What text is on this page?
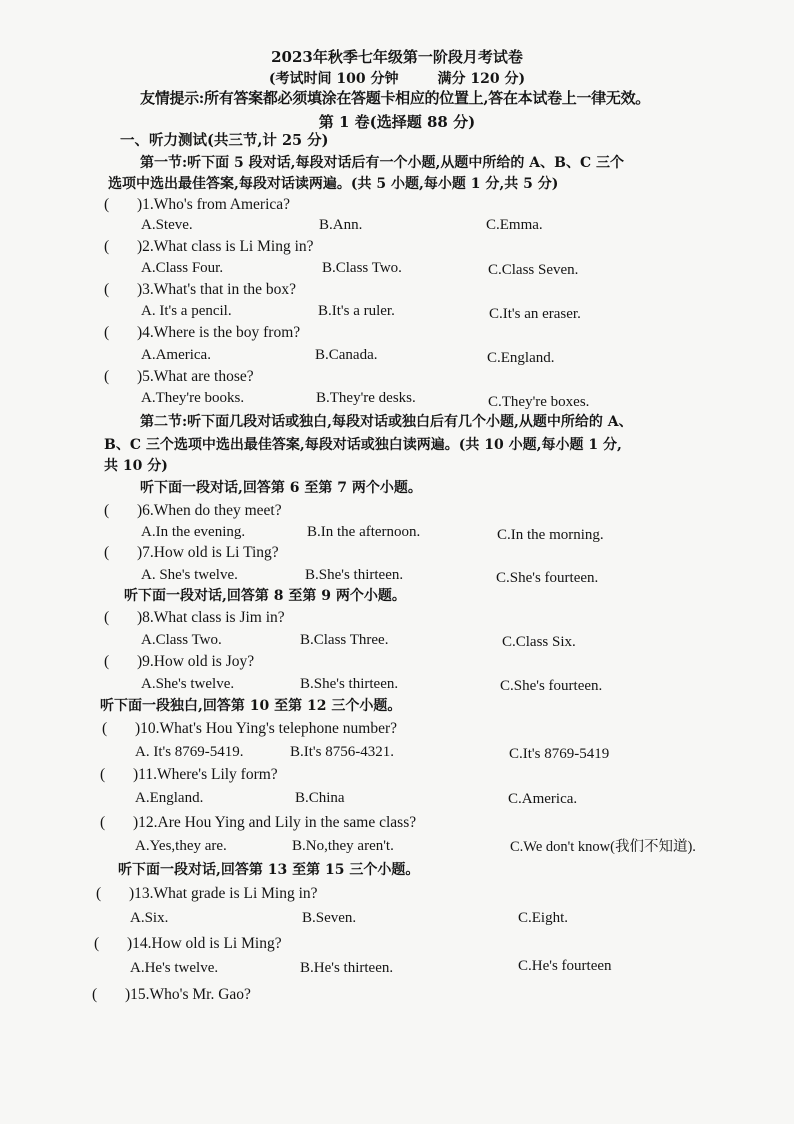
2023年秋季七年级第一阶段月考试卷
(考试时间 100 分钟	满分 120 分)
友情提示:所有答案都必须填涂在答题卡相应的位置上,答在本试卷上一律无效。
第 1 卷(选择题 88 分)
一、听力测试(共三节,计 25 分)
第一节:听下面 5 段对话,每段对话后有一个小题,从题中所给的 A、B、C 三个
选项中选出最佳答案,每段对话读两遍。(共 5 小题,每小题 1 分,共 5 分)
( )1.Who's from America?
A.Steve.	B.Ann.	C.Emma.
( )2.What class is Li Ming in?
A.Class Four.	B.Class Two.	C.Class Seven.
( )3.What's that in the box?
A. It's a pencil.	B.It's a ruler.	C.It's an eraser.
( )4.Where is the boy from?
A.America.	B.Canada.	C.England.
( )5.What are those?
A.They're books.	B.They're desks.	C.They're boxes.
第二节:听下面几段对话或独白,每段对话或独白后有几个小题,从题中所给的 A、
B、C 三个选项中选出最佳答案,每段对话或独白读两遍。(共 10 小题,每小题 1 分,
共 10 分)
听下面一段对话,回答第 6 至第 7 两个小题。
( )6.When do they meet?
A.In the evening.	B.In the afternoon.	C.In the morning.
( )7.How old is Li Ting?
A. She's twelve.	B.She's thirteen.	C.She's fourteen.
听下面一段对话,回答第 8 至第 9 两个小题。
( )8.What class is Jim in?
A.Class Two.	B.Class Three.	C.Class Six.
( )9.How old is Joy?
A.She's twelve.	B.She's thirteen.	C.She's fourteen.
听下面一段独白,回答第 10 至第 12 三个小题。
( )10.What's Hou Ying's telephone number?
A. It's 8769-5419.	B.It's 8756-4321.	C.It's 8769-5419
( )11.Where's Lily form?
A.England.	B.China	C.America.
( )12.Are Hou Ying and Lily in the same class?
A.Yes,they are.	B.No,they aren't.	C.We don't know(我们不知道).
听下面一段对话,回答第 13 至第 15 三个小题。
( )13.What grade is Li Ming in?
A.Six.	B.Seven.	C.Eight.
( )14.How old is Li Ming?
A.He's twelve.	B.He's thirteen.	C.He's fourteen
( )15.Who's Mr. Gao?
